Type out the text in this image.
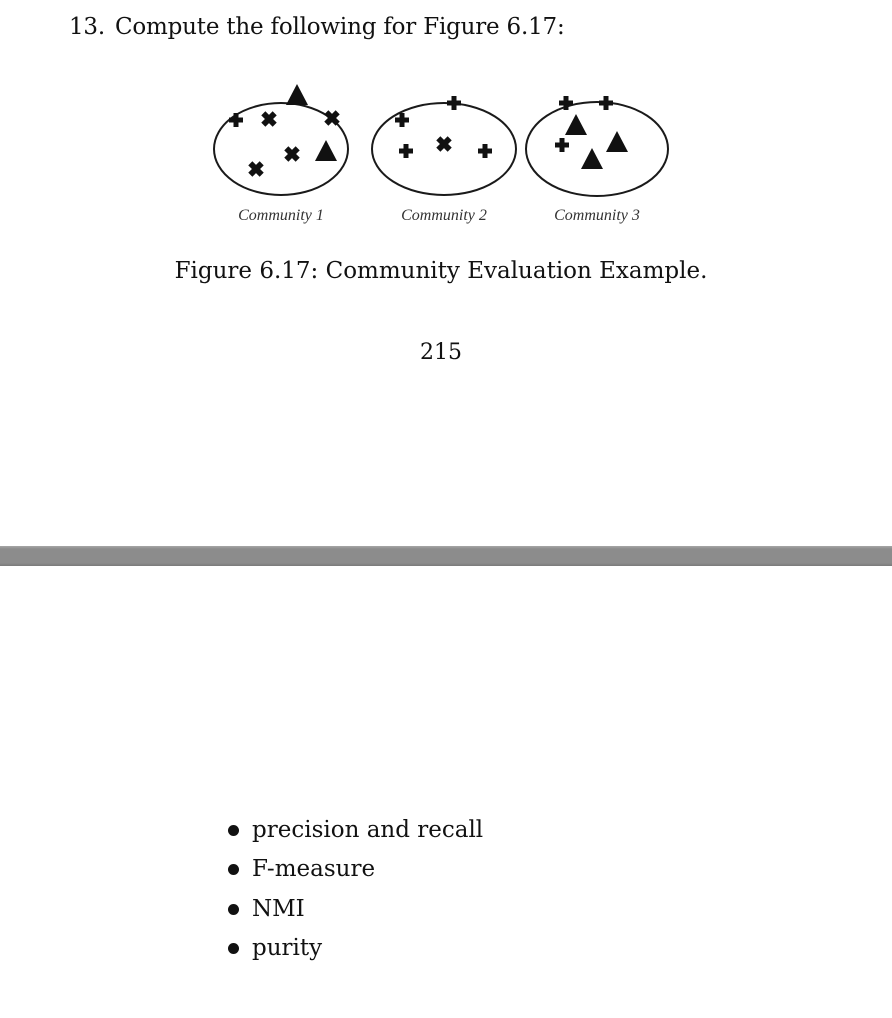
13. Compute the following for Figure 6.17:
Community 1	Community 2	Community 3
Figure 6.17: Community Evaluation Example.
215
precision and recall
F-measure
NMI
purity
